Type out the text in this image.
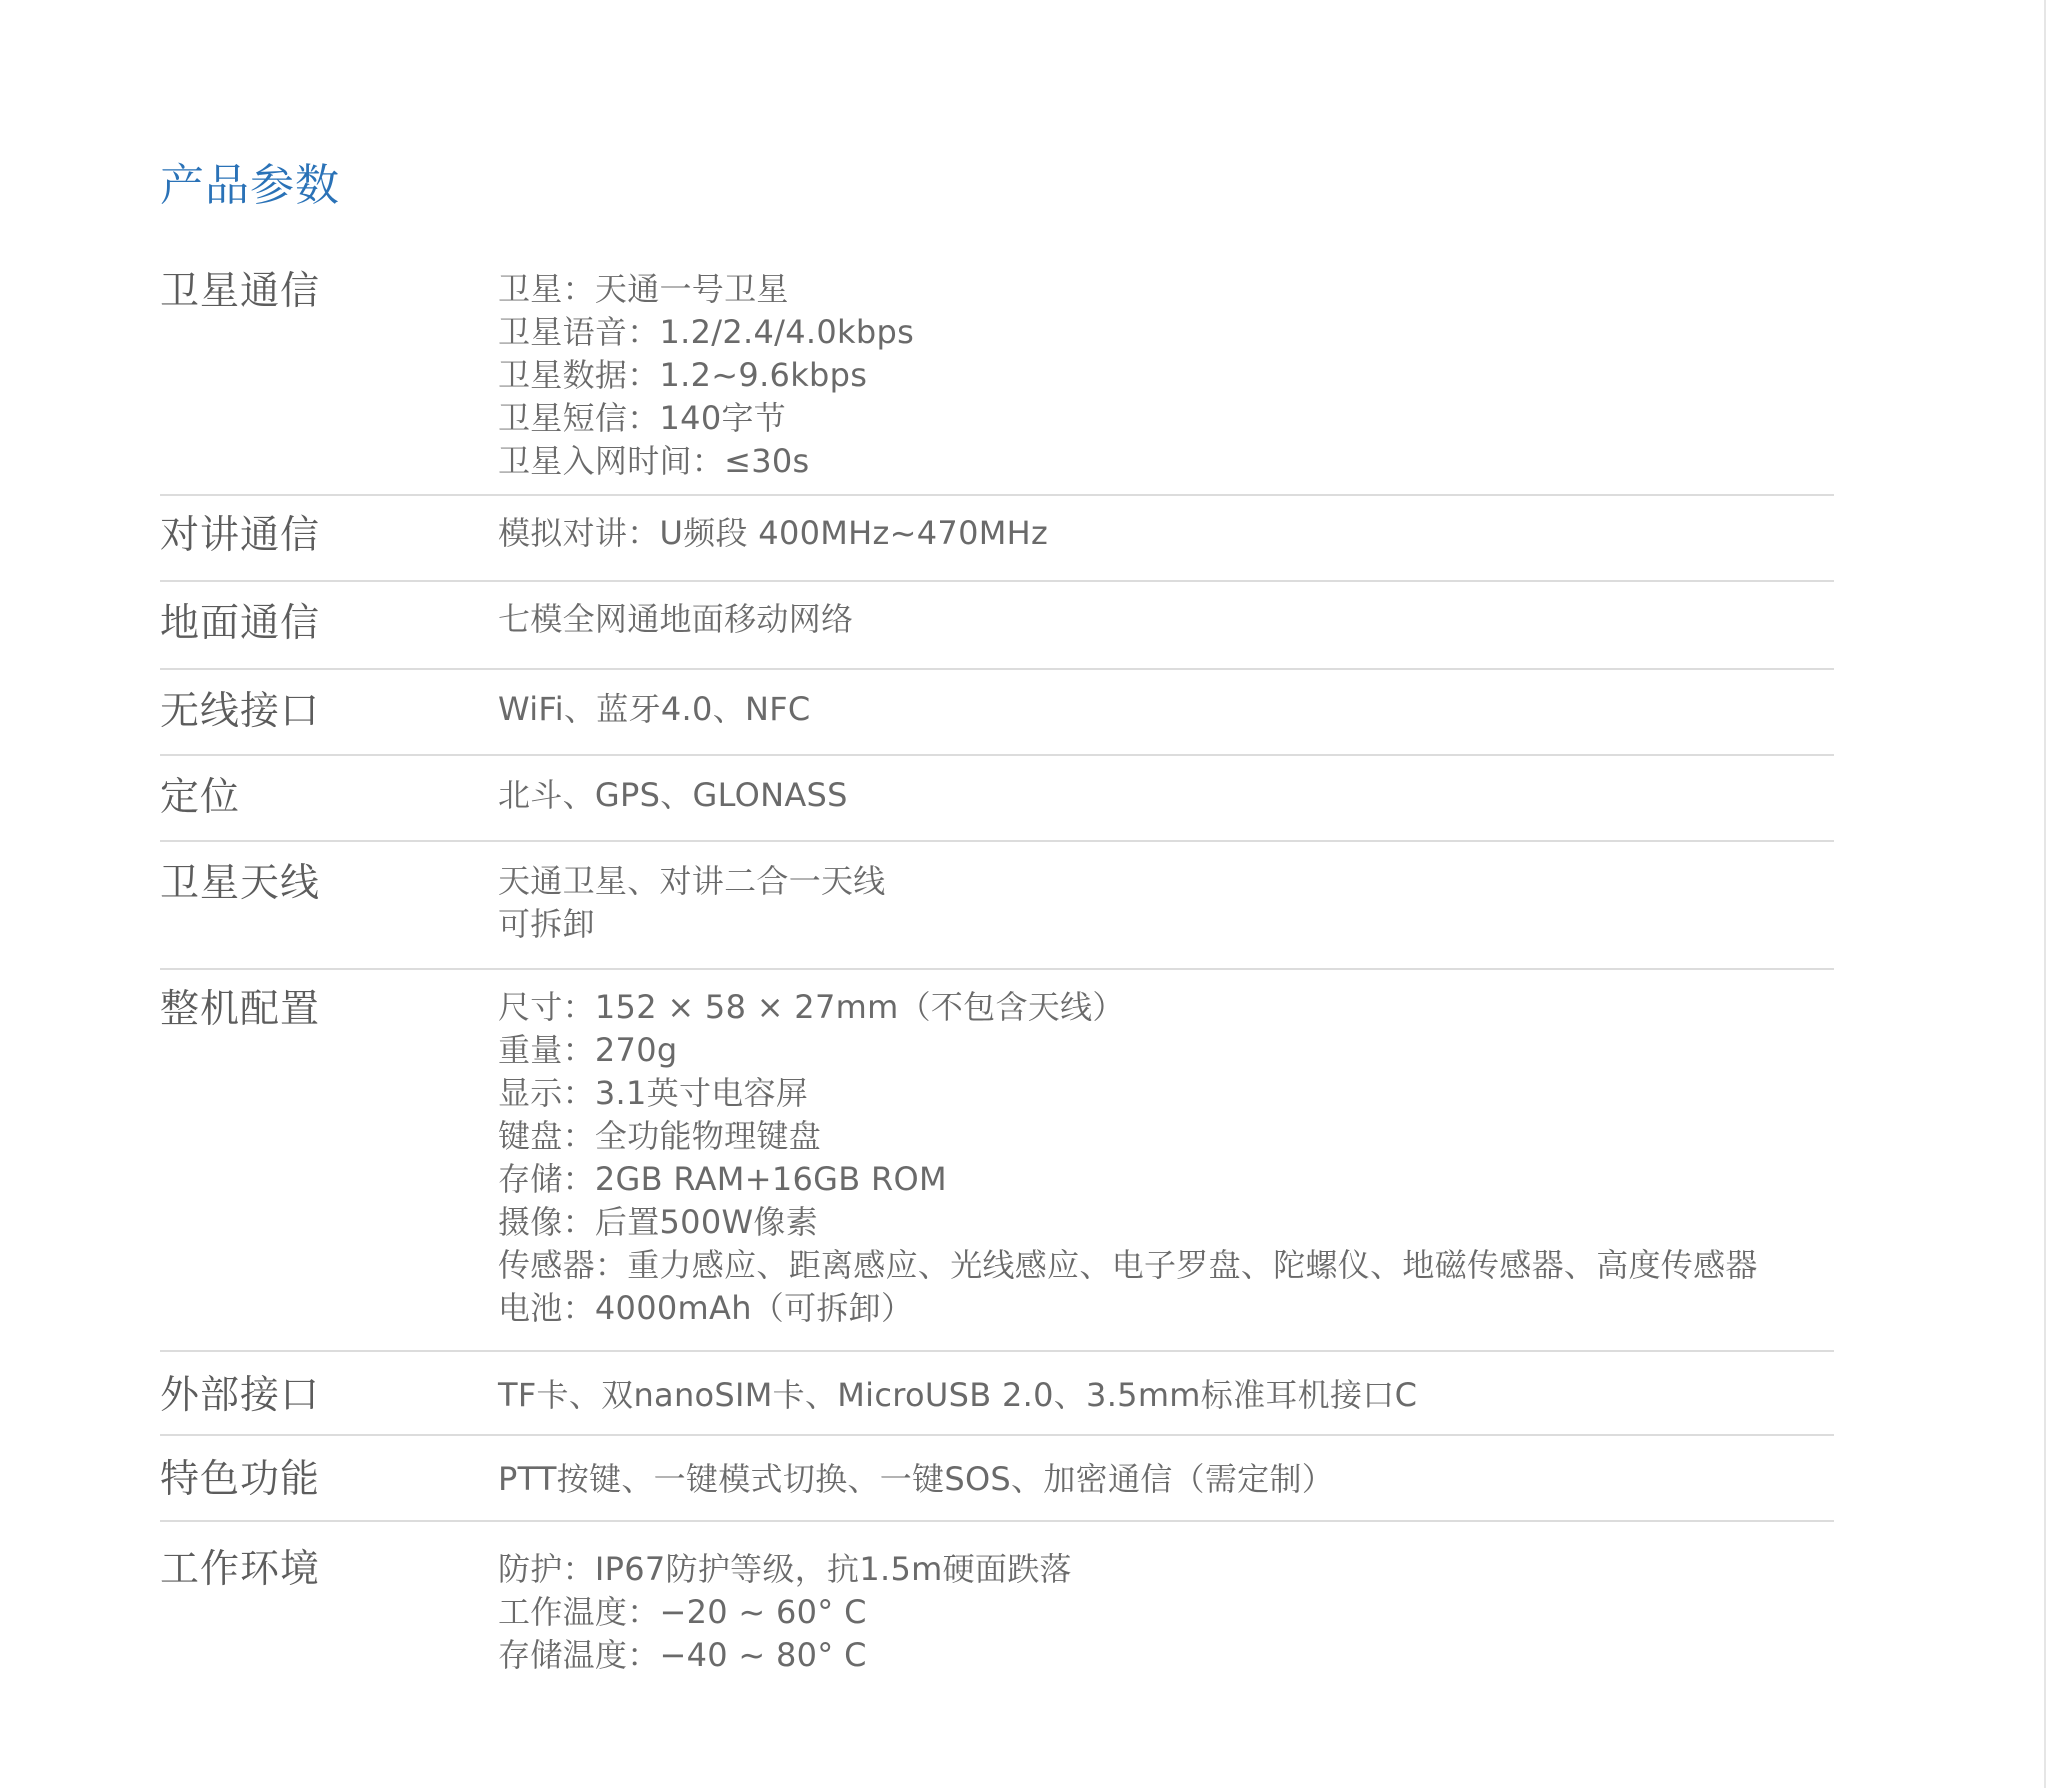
产品参数
卫星通信	卫星：天通一号卫星
卫星语音：1.2/2.4/4.0kbps
卫星数据：1.2~9.6kbps
卫星短信：140字节
卫星入网时间：≤30s
对讲通信	模拟对讲：U频段 400MHz~470MHz
地面通信	七模全网通地面移动网络
无线接口	WiFi、蓝牙4.0、NFC
定位	北斗、GPS、GLONASS
卫星天线	天通卫星、对讲二合一天线
可拆卸
整机配置	尺寸：152 × 58 × 27mm（不包含天线）
重量：270g
显示：3.1英寸电容屏
键盘：全功能物理键盘
存储：2GB RAM+16GB ROM
摄像：后置500W像素
传感器：重力感应、距离感应、光线感应、电子罗盘、陀螺仪、地磁传感器、高度传感器
电池：4000mAh（可拆卸）
外部接口	TF卡、双nanoSIM卡、MicroUSB 2.0、3.5mm标准耳机接口C
特色功能	PTT按键、一键模式切换、一键SOS、加密通信（需定制）
工作环境	防护：IP67防护等级，抗1.5m硬面跌落
工作温度：−20 ~ 60° C
存储温度：−40 ~ 80° C
